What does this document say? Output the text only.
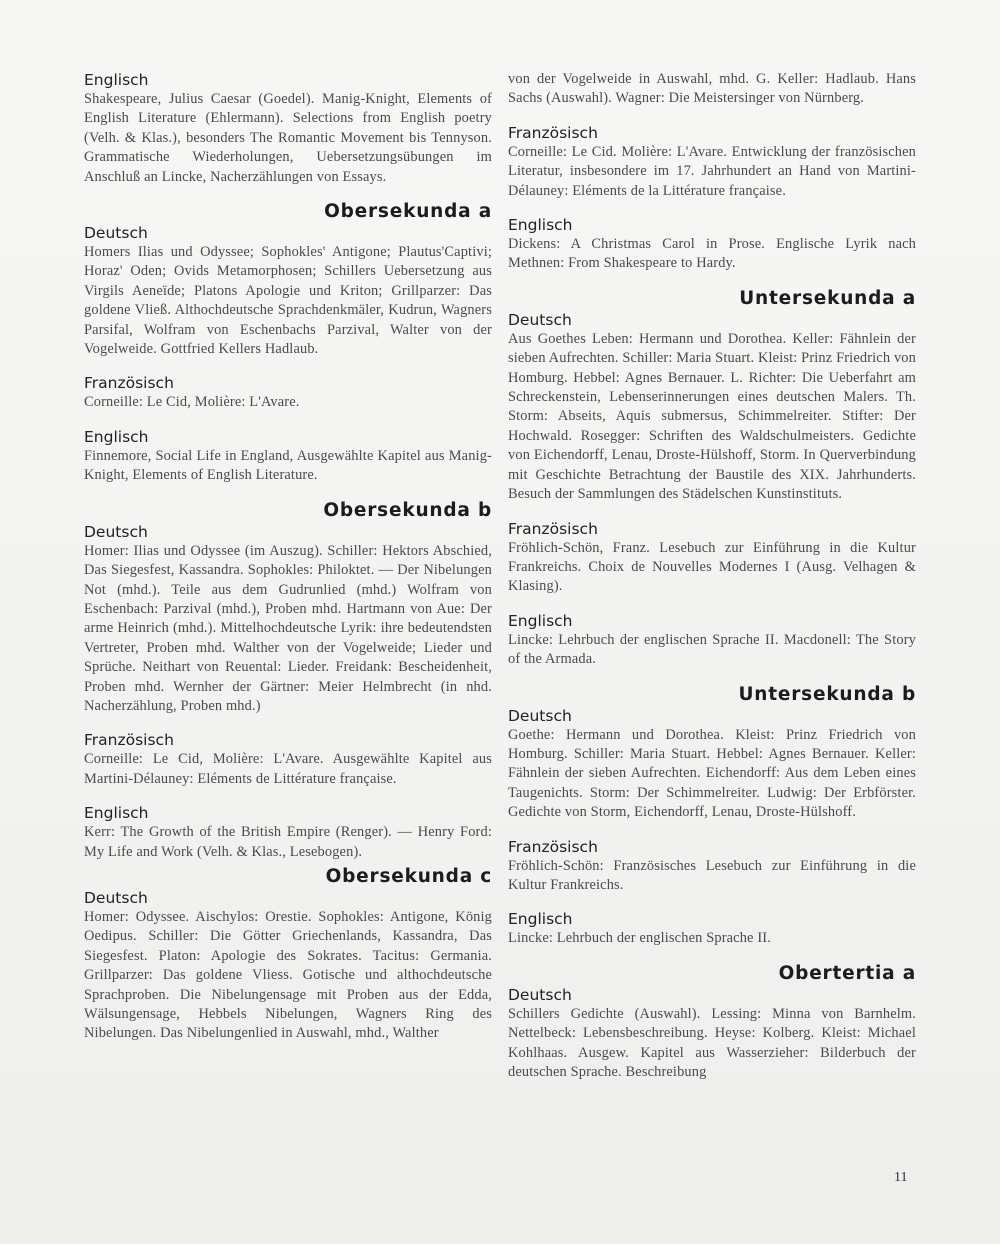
Englisch

Shakespeare, Julius Caesar (Goedel). Manig-Knight, Elements of English Literature (Ehlermann). Selections from English poetry (Velh. & Klas.), besonders The Romantic Movement bis Tennyson. Grammatische Wiederholungen, Uebersetzungsübungen im Anschluß an Lincke, Nacherzählungen von Essays.

Obersekunda a

Deutsch

Homers Ilias und Odyssee; Sophokles' Antigone; Plautus'Captivi; Horaz' Oden; Ovids Metamorphosen; Schillers Uebersetzung aus Virgils Aeneïde; Platons Apologie und Kriton; Grillparzer: Das goldene Vließ. Althochdeutsche Sprachdenkmäler, Kudrun, Wagners Parsifal, Wolfram von Eschenbachs Parzival, Walter von der Vogelweide. Gottfried Kellers Hadlaub.

Französisch

Corneille: Le Cid, Molière: L'Avare.

Englisch

Finnemore, Social Life in England, Ausgewählte Kapitel aus Manig-Knight, Elements of English Literature.

Obersekunda b

Deutsch

Homer: Ilias und Odyssee (im Auszug). Schiller: Hektors Abschied, Das Siegesfest, Kassandra. Sophokles: Philoktet. — Der Nibelungen Not (mhd.). Teile aus dem Gudrunlied (mhd.) Wolfram von Eschenbach: Parzival (mhd.), Proben mhd. Hartmann von Aue: Der arme Heinrich (mhd.). Mittelhochdeutsche Lyrik: ihre bedeutendsten Vertreter, Proben mhd. Walther von der Vogelweide; Lieder und Sprüche. Neithart von Reuental: Lieder. Freidank: Bescheidenheit, Proben mhd. Wernher der Gärtner: Meier Helmbrecht (in nhd. Nacherzählung, Proben mhd.)

Französisch

Corneille: Le Cid, Molière: L'Avare. Ausgewählte Kapitel aus Martini-Délauney: Eléments de Littérature française.

Englisch

Kerr: The Growth of the British Empire (Renger). — Henry Ford: My Life and Work (Velh. & Klas., Lesebogen).

Obersekunda c

Deutsch

Homer: Odyssee. Aischylos: Orestie. Sophokles: Antigone, König Oedipus. Schiller: Die Götter Griechenlands, Kassandra, Das Siegesfest. Platon: Apologie des Sokrates. Tacitus: Germania. Grillparzer: Das goldene Vliess. Gotische und althochdeutsche Sprachproben. Die Nibelungensage mit Proben aus der Edda, Wälsungensage, Hebbels Nibelungen, Wagners Ring des Nibelungen. Das Nibelungenlied in Auswahl, mhd., Walther

von der Vogelweide in Auswahl, mhd. G. Keller: Hadlaub. Hans Sachs (Auswahl). Wagner: Die Meistersinger von Nürnberg.

Französisch

Corneille: Le Cid. Molière: L'Avare. Entwicklung der französischen Literatur, insbesondere im 17. Jahrhundert an Hand von Martini-Délauney: Eléments de la Littérature française.

Englisch

Dickens: A Christmas Carol in Prose. Englische Lyrik nach Methnen: From Shakespeare to Hardy.

Untersekunda a

Deutsch

Aus Goethes Leben: Hermann und Dorothea. Keller: Fähnlein der sieben Aufrechten. Schiller: Maria Stuart. Kleist: Prinz Friedrich von Homburg. Hebbel: Agnes Bernauer. L. Richter: Die Ueberfahrt am Schreckenstein, Lebenserinnerungen eines deutschen Malers. Th. Storm: Abseits, Aquis submersus, Schimmelreiter. Stifter: Der Hochwald. Rosegger: Schriften des Waldschulmeisters. Gedichte von Eichendorff, Lenau, Droste-Hülshoff, Storm. In Querverbindung mit Geschichte Betrachtung der Baustile des XIX. Jahrhunderts. Besuch der Sammlungen des Städelschen Kunstinstituts.

Französisch

Fröhlich-Schön, Franz. Lesebuch zur Einführung in die Kultur Frankreichs. Choix de Nouvelles Modernes I (Ausg. Velhagen & Klasing).

Englisch

Lincke: Lehrbuch der englischen Sprache II. Macdonell: The Story of the Armada.

Untersekunda b

Deutsch

Goethe: Hermann und Dorothea. Kleist: Prinz Friedrich von Homburg. Schiller: Maria Stuart. Hebbel: Agnes Bernauer. Keller: Fähnlein der sieben Aufrechten. Eichendorff: Aus dem Leben eines Taugenichts. Storm: Der Schimmelreiter. Ludwig: Der Erbförster. Gedichte von Storm, Eichendorff, Lenau, Droste-Hülshoff.

Französisch

Fröhlich-Schön: Französisches Lesebuch zur Einführung in die Kultur Frankreichs.

Englisch

Lincke: Lehrbuch der englischen Sprache II.

Obertertia a

Deutsch

Schillers Gedichte (Auswahl). Lessing: Minna von Barnhelm. Nettelbeck: Lebensbeschreibung. Heyse: Kolberg. Kleist: Michael Kohlhaas. Ausgew. Kapitel aus Wasserzieher: Bilderbuch der deutschen Sprache. Beschreibung

11
